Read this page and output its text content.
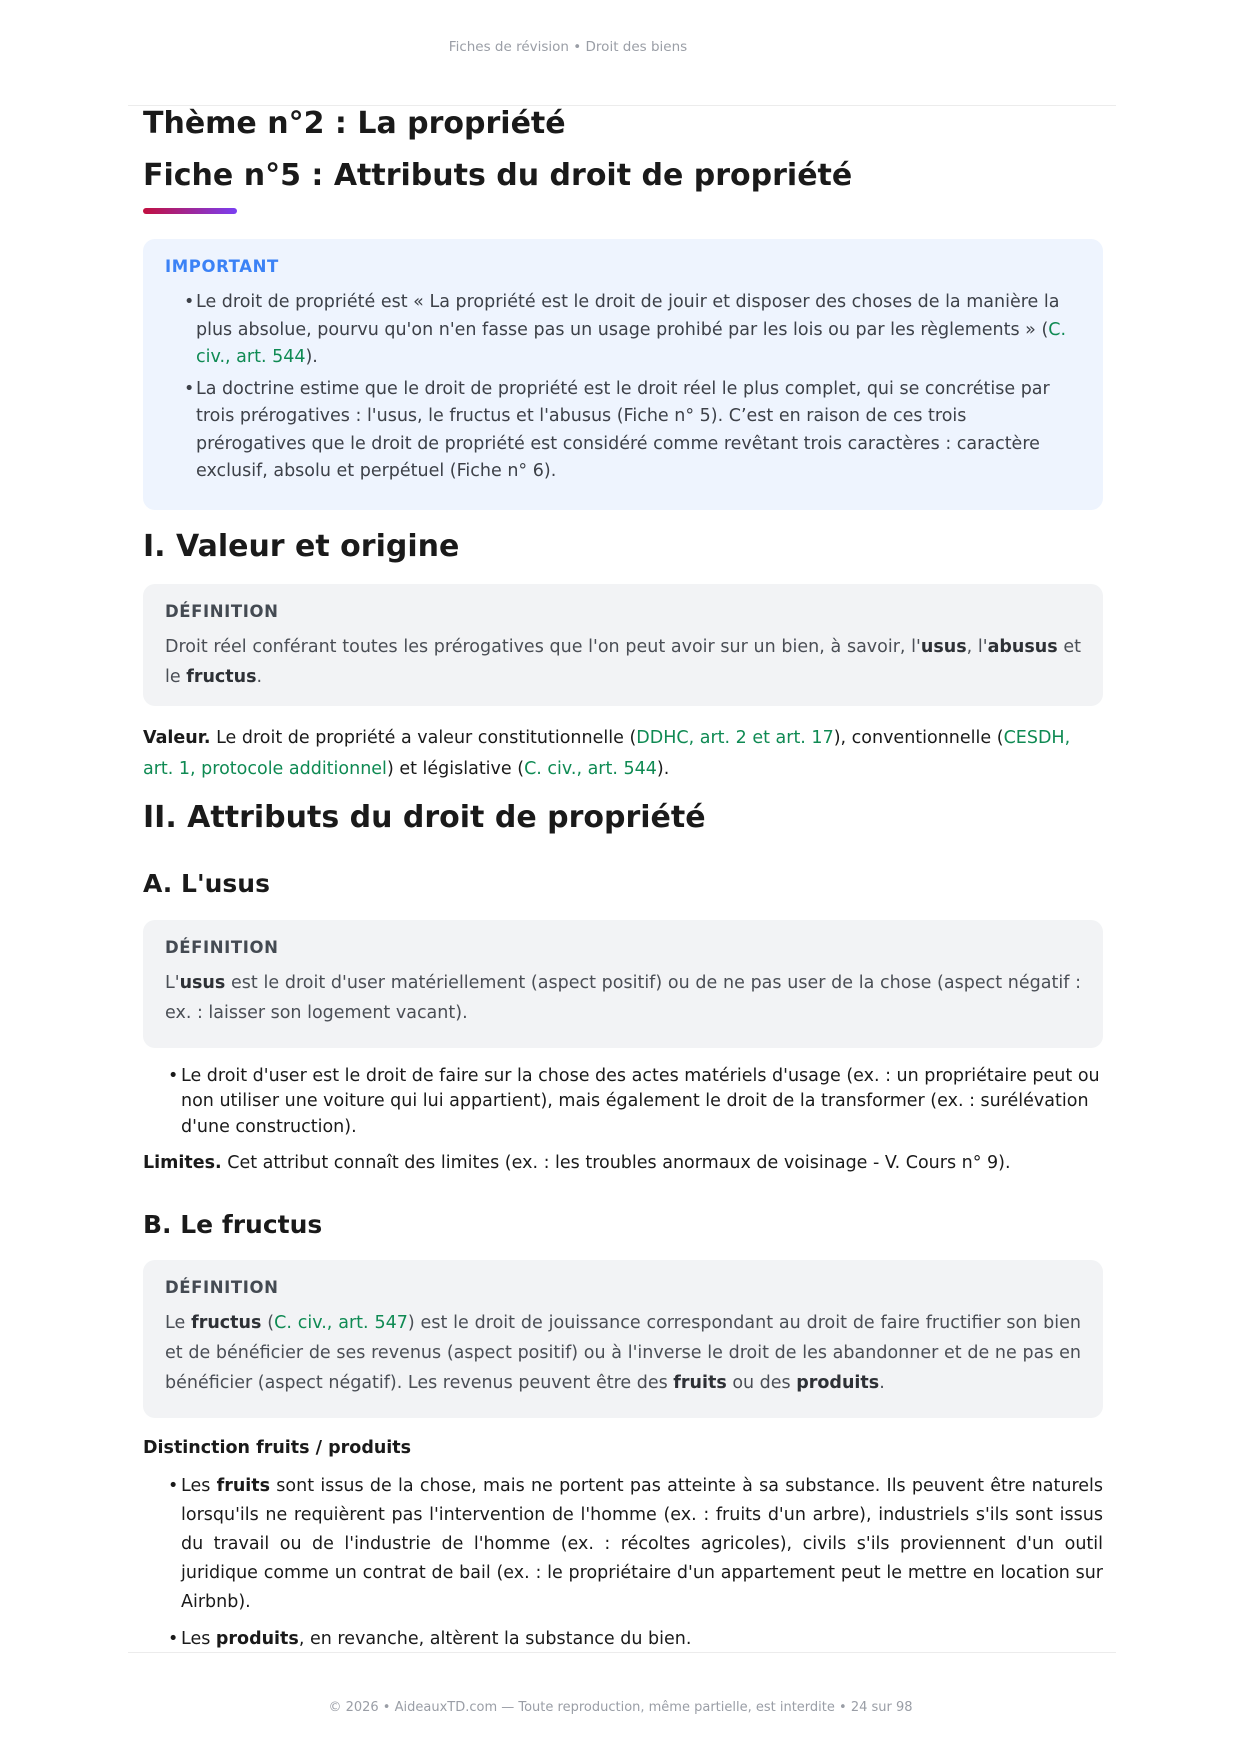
Fiches de révision • Droit des biens
Thème n°2 : La propriété
Fiche n°5 : Attributs du droit de propriété
IMPORTANT
• Le droit de propriété est « La propriété est le droit de jouir et disposer des choses de la manière la plus absolue, pourvu qu'on n'en fasse pas un usage prohibé par les lois ou par les règlements » (C. civ., art. 544).
• La doctrine estime que le droit de propriété est le droit réel le plus complet, qui se concrétise par trois prérogatives : l'usus, le fructus et l'abusus (Fiche n° 5). C’est en raison de ces trois prérogatives que le droit de propriété est considéré comme revêtant trois caractères : caractère exclusif, absolu et perpétuel (Fiche n° 6).
I. Valeur et origine
DÉFINITION

Droit réel conférant toutes les prérogatives que l'on peut avoir sur un bien, à savoir, l'usus, l'abusus et le fructus.

Valeur. Le droit de propriété a valeur constitutionnelle (DDHC, art. 2 et art. 17), conventionnelle (CESDH, art. 1, protocole additionnel) et législative (C. civ., art. 544).

II. Attributs du droit de propriété
A. L'usus
DÉFINITION

L'usus est le droit d'user matériellement (aspect positif) ou de ne pas user de la chose (aspect négatif : ex. : laisser son logement vacant).

• Le droit d'user est le droit de faire sur la chose des actes matériels d'usage (ex. : un propriétaire peut ou non utiliser une voiture qui lui appartient), mais également le droit de la transformer (ex. : surélévation d'une construction).

Limites. Cet attribut connaît des limites (ex. : les troubles anormaux de voisinage - V. Cours n° 9).

B. Le fructus
DÉFINITION

Le fructus (C. civ., art. 547) est le droit de jouissance correspondant au droit de faire fructifier son bien et de bénéficier de ses revenus (aspect positif) ou à l'inverse le droit de les abandonner et de ne pas en bénéficier (aspect négatif). Les revenus peuvent être des fruits ou des produits.

Distinction fruits / produits

• Les fruits sont issus de la chose, mais ne portent pas atteinte à sa substance. Ils peuvent être naturels lorsqu'ils ne requièrent pas l'intervention de l'homme (ex. : fruits d'un arbre), industriels s'ils sont issus du travail ou de l'industrie de l'homme (ex. : récoltes agricoles), civils s'ils proviennent d'un outil juridique comme un contrat de bail (ex. : le propriétaire d'un appartement peut le mettre en location sur Airbnb).
• Les produits, en revanche, altèrent la substance du bien.
© 2026 • AideauxTD.com — Toute reproduction, même partielle, est interdite • 24 sur 98
